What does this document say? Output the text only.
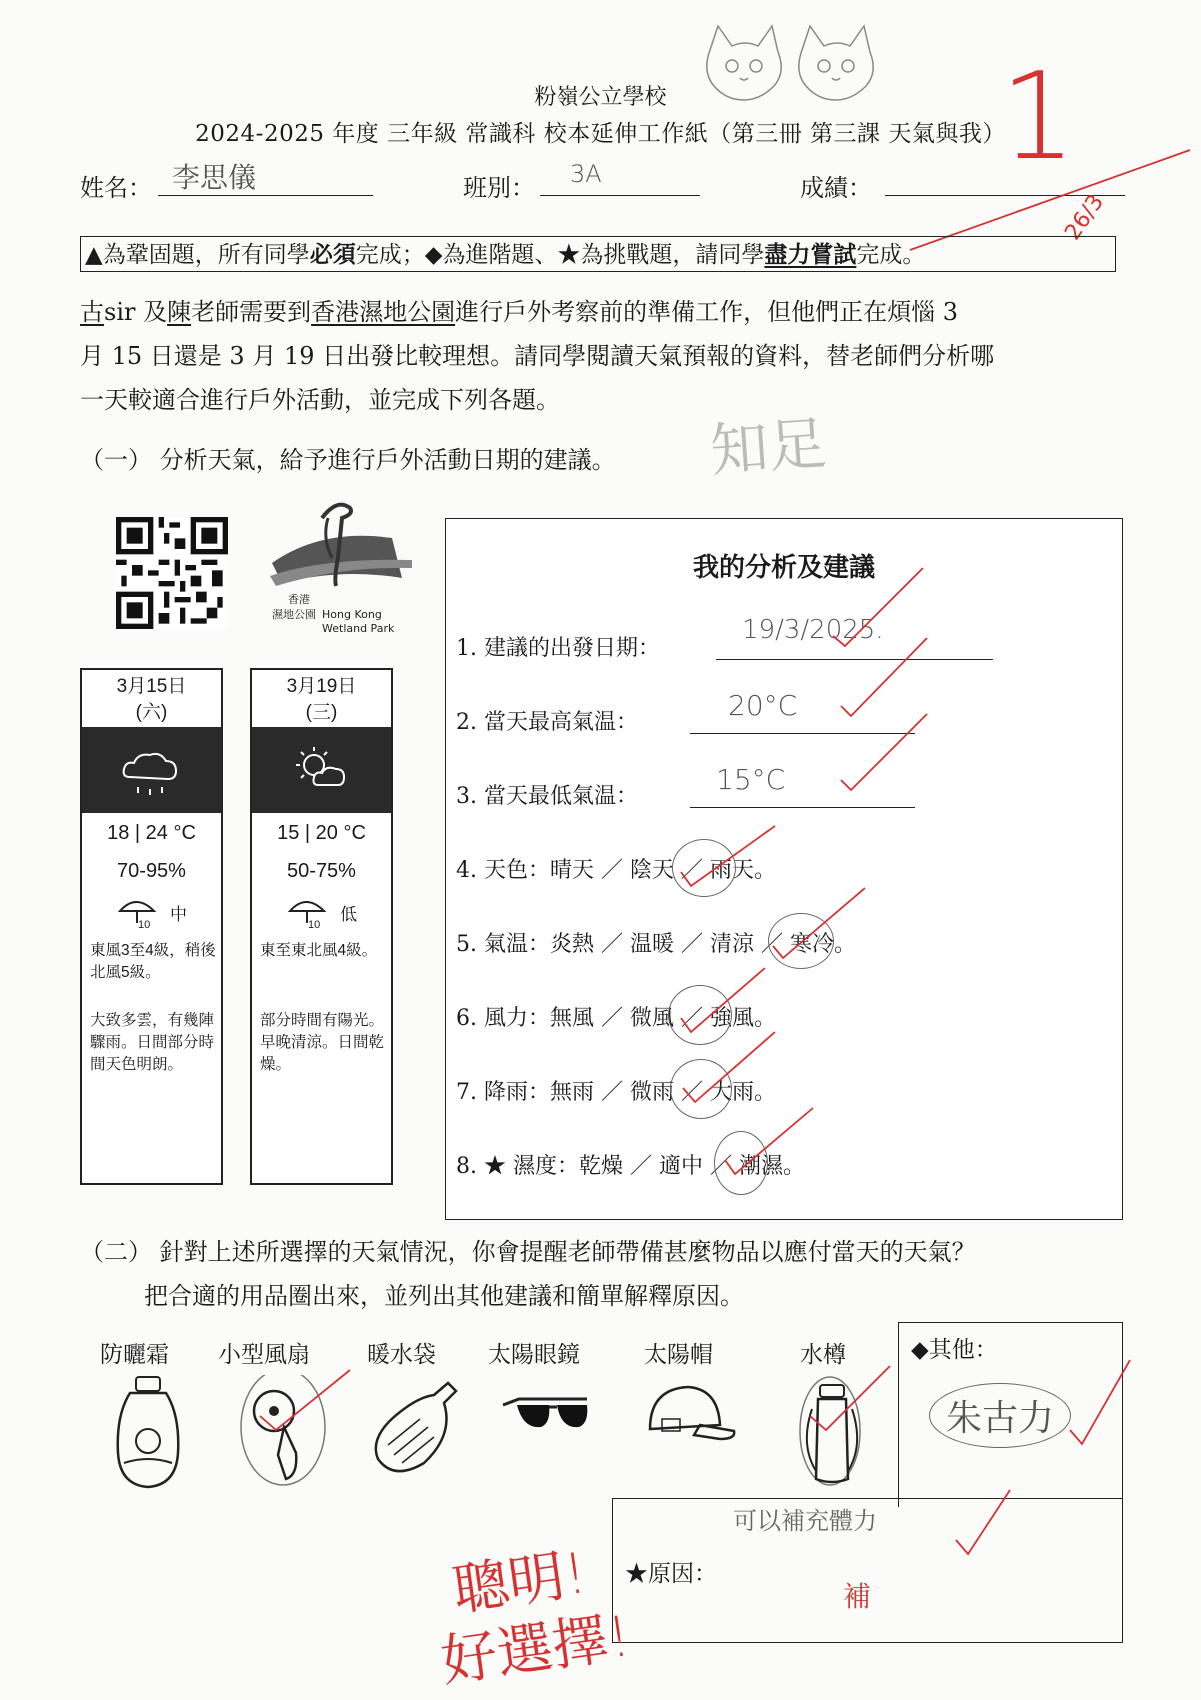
粉嶺公立學校
2024-2025 年度 三年級 常識科 校本延伸工作紙（第三冊 第三課 天氣與我）
姓名： 李思儀	班別： 3A	成績：
1
26/3
▲為鞏固題，所有同學必須完成；◆為進階題、★為挑戰題，請同學盡力嘗試完成。
古sir 及陳老師需要到香港濕地公園進行戶外考察前的準備工作，但他們正在煩惱 3
月 15 日還是 3 月 19 日出發比較理想。請同學閱讀天氣預報的資料，替老師們分析哪
一天較適合進行戶外活動，並完成下列各題。
知足
（一） 分析天氣，給予進行戶外活動日期的建議。
香港
濕地公園 Hong Kong
Wetland Park
3月15日
(六)
18 | 24 °C
70-95%
10
中
東風3至4級，稍後北風5級。
大致多雲，有幾陣驟雨。日間部分時間天色明朗。
3月19日
(三)
15 | 20 °C
50-75%
10
低
東至東北風4級。
部分時間有陽光。早晚清涼。日間乾燥。
我的分析及建議
1. 建議的出發日期：
19/3/2025.
2. 當天最高氣温：
20°C
3. 當天最低氣温：
15°C
4. 天色：晴天 ／ 陰天 ／ 雨天。
5. 氣温：炎熱 ／ 温暖 ／ 清涼 ／ 寒冷。
6. 風力：無風 ／ 微風 ／ 強風。
7. 降雨：無雨 ／ 微雨 ／ 大雨。
8. ★ 濕度：乾燥 ／ 適中 ／ 潮濕。
（二） 針對上述所選擇的天氣情況，你會提醒老師帶備甚麼物品以應付當天的天氣？
把合適的用品圈出來，並列出其他建議和簡單解釋原因。
防曬霜 小型風扇 暖水袋 太陽眼鏡	太陽帽	水樽	◆其他：
朱古力
★原因：
可以補充體力
補
聰明!
好選擇!
